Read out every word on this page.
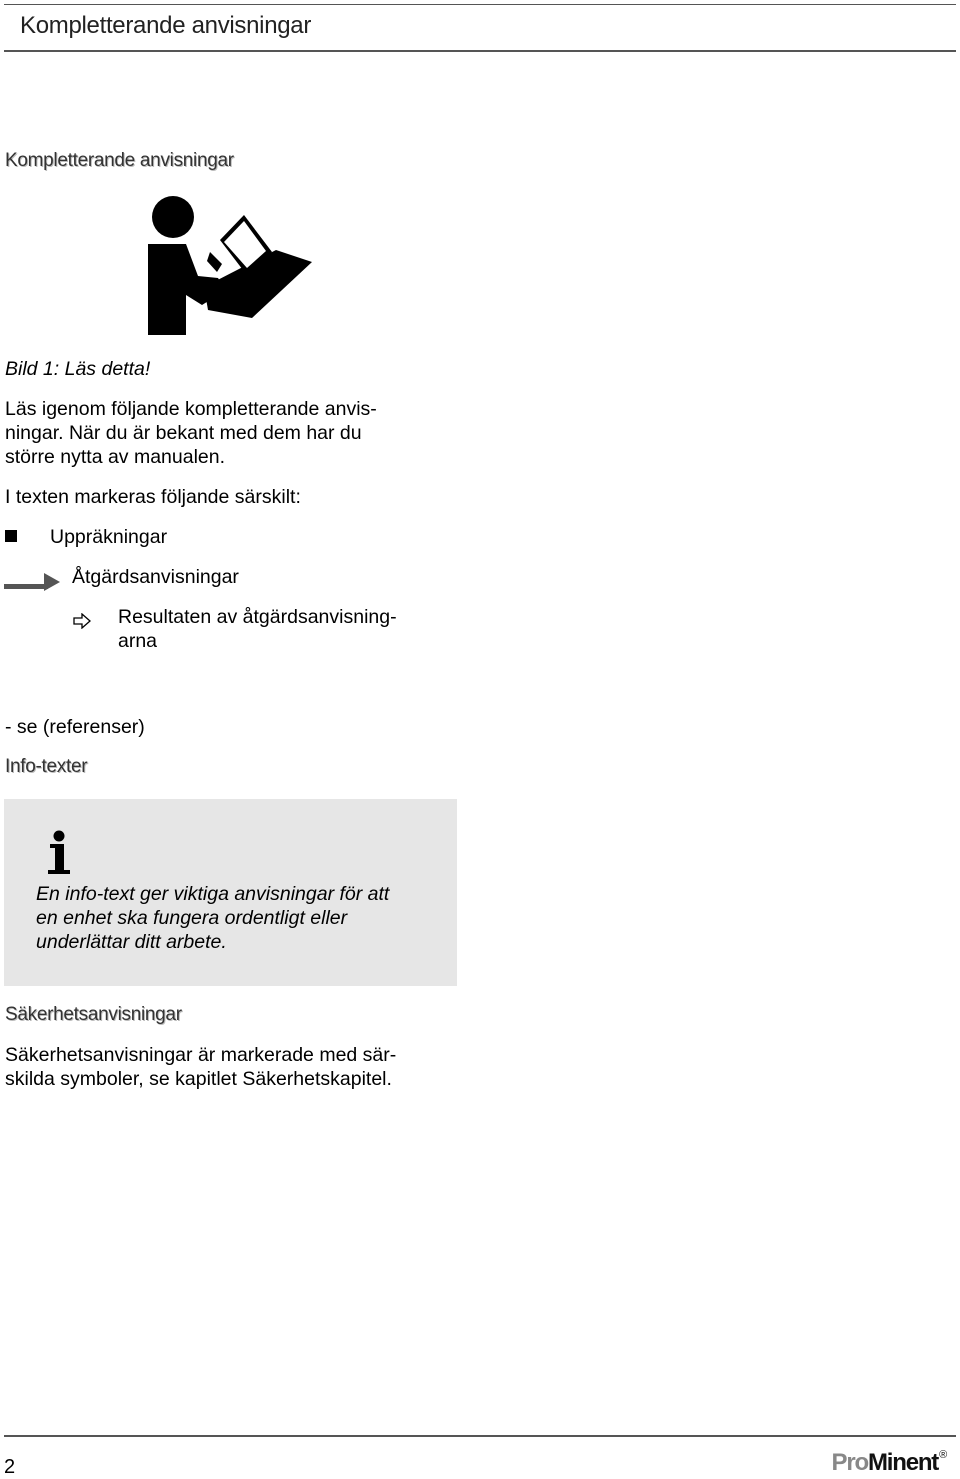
Kompletterande anvisningar
Kompletterande anvisningar
Bild 1: Läs detta!
Läs igenom följande kompletterande anvis-
ningar. När du är bekant med dem har du
större nytta av manualen.
I texten markeras följande särskilt:
Uppräkningar
Åtgärdsanvisningar
Resultaten av åtgärdsanvisning-
arna
- se (referenser)
Info-texter
En info-text ger viktiga anvisningar för att
en enhet ska fungera ordentligt eller
underlättar ditt arbete.
Säkerhetsanvisningar
Säkerhetsanvisningar är markerade med sär-
skilda symboler, se kapitlet Säkerhetskapitel.
2	ProMinent®
